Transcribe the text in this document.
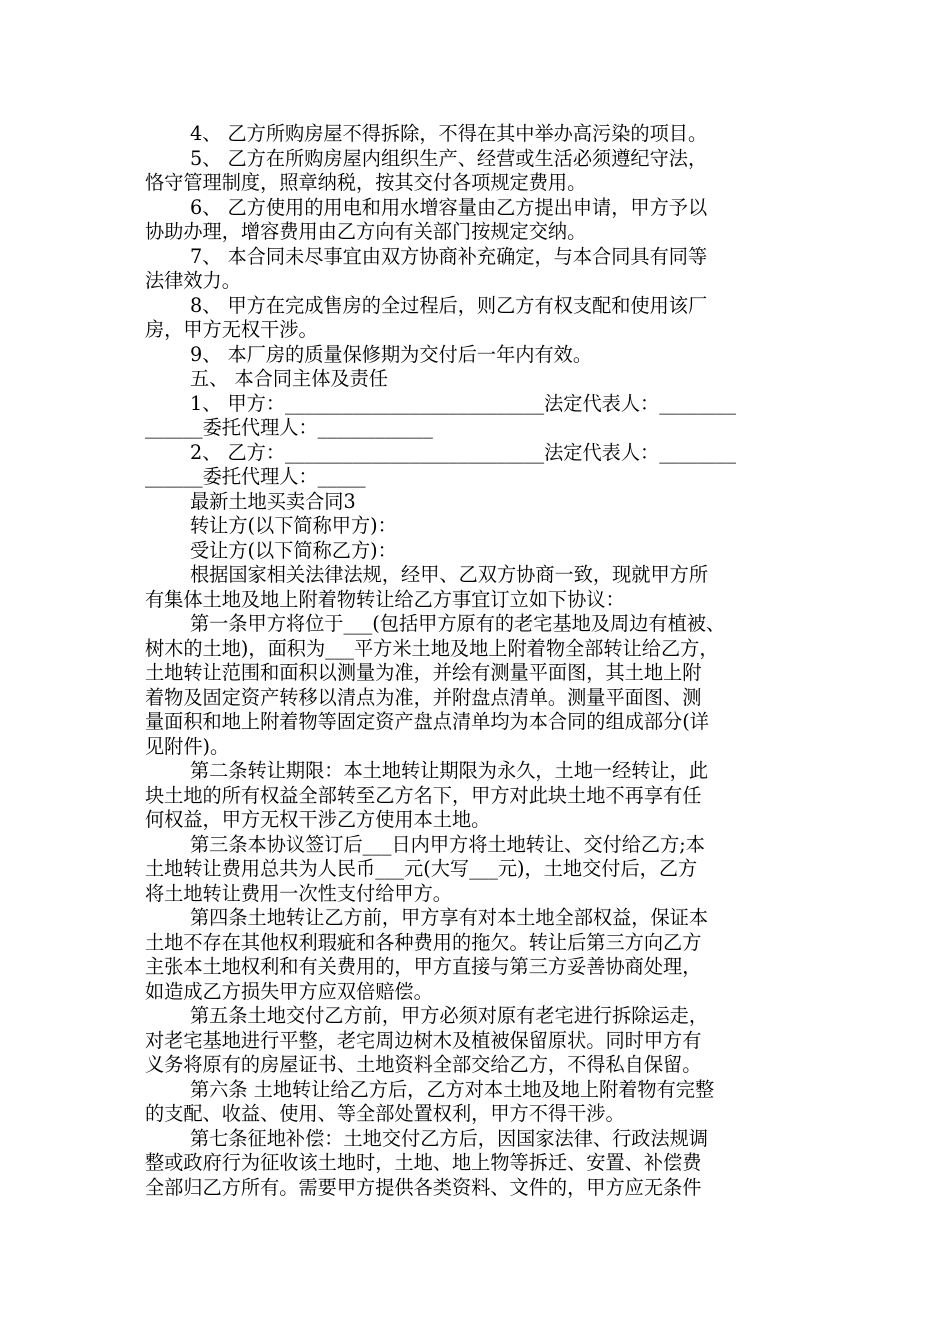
4、 乙方所购房屋不得拆除，不得在其中举办高污染的项目。
5、 乙方在所购房屋内组织生产、经营或生活必须遵纪守法，
恪守管理制度，照章纳税，按其交付各项规定费用。
6、 乙方使用的用电和用水增容量由乙方提出申请，甲方予以
协助办理，增容费用由乙方向有关部门按规定交纳。
7、 本合同未尽事宜由双方协商补充确定，与本合同具有同等
法律效力。
8、 甲方在完成售房的全过程后，则乙方有权支配和使用该厂
房，甲方无权干涉。
9、 本厂房的质量保修期为交付后一年内有效。
五、 本合同主体及责任
1、 甲方：___________________________法定代表人：________
______委托代理人：____________
2、 乙方：___________________________法定代表人：________
______委托代理人：_____
最新土地买卖合同3
转让方(以下简称甲方)：
受让方(以下简称乙方)：
根据国家相关法律法规，经甲、乙双方协商一致，现就甲方所
有集体土地及地上附着物转让给乙方事宜订立如下协议：
第一条甲方将位于___(包括甲方原有的老宅基地及周边有植被、
树木的土地)，面积为___平方米土地及地上附着物全部转让给乙方，
土地转让范围和面积以测量为准，并绘有测量平面图，其土地上附
着物及固定资产转移以清点为准，并附盘点清单。测量平面图、测
量面积和地上附着物等固定资产盘点清单均为本合同的组成部分(详
见附件)。
第二条转让期限：本土地转让期限为永久，土地一经转让，此
块土地的所有权益全部转至乙方名下，甲方对此块土地不再享有任
何权益，甲方无权干涉乙方使用本土地。
第三条本协议签订后___日内甲方将土地转让、交付给乙方;本
土地转让费用总共为人民币___元(大写___元)，土地交付后，乙方
将土地转让费用一次性支付给甲方。
第四条土地转让乙方前，甲方享有对本土地全部权益，保证本
土地不存在其他权利瑕疵和各种费用的拖欠。转让后第三方向乙方
主张本土地权利和有关费用的，甲方直接与第三方妥善协商处理，
如造成乙方损失甲方应双倍赔偿。
第五条土地交付乙方前，甲方必须对原有老宅进行拆除运走，
对老宅基地进行平整，老宅周边树木及植被保留原状。同时甲方有
义务将原有的房屋证书、土地资料全部交给乙方，不得私自保留。
第六条 土地转让给乙方后，乙方对本土地及地上附着物有完整
的支配、收益、使用、等全部处置权利，甲方不得干涉。
第七条征地补偿：土地交付乙方后，因国家法律、行政法规调
整或政府行为征收该土地时，土地、地上物等拆迁、安置、补偿费
全部归乙方所有。需要甲方提供各类资料、文件的，甲方应无条件
